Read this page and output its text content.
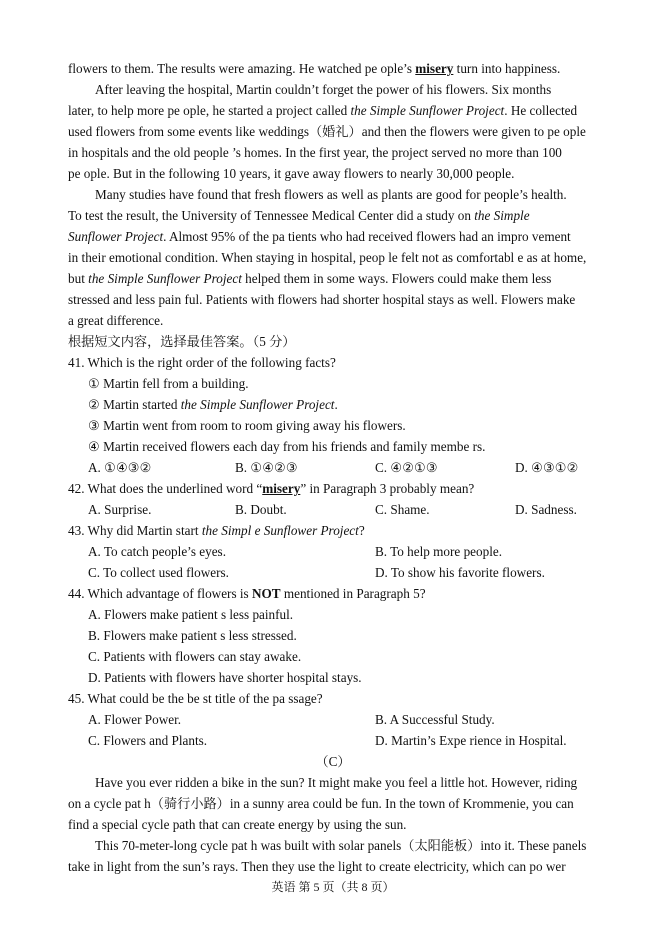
flowers to them. The results were amazing. He watched pe ople’s misery turn into happiness.
After leaving the hospital, Martin couldn’t forget the power of his flowers. Six months
later, to help more pe ople, he started a project called the Simple Sunflower Project. He collected
used flowers from some events like weddings（婚礼）and then the flowers were given to pe ople
in hospitals and the old people ’s homes. In the first year, the project served no more than 100
pe ople. But in the following 10 years, it gave away flowers to nearly 30,000 people.
Many studies have found that fresh flowers as well as plants are good for people’s health.
To test the result, the University of Tennessee Medical Center did a study on the Simple
Sunflower Project. Almost 95% of the pa tients who had received flowers had an impro vement
in their emotional condition. When staying in hospital, peop le felt not as comfortabl e as at home,
but the Simple Sunflower Project helped them in some ways. Flowers could make them less
stressed and less pain ful. Patients with flowers had shorter hospital stays as well. Flowers make
a great difference.
根据短文内容，选择最佳答案。（5 分）
41. Which is the right order of the following facts?
① Martin fell from a building.
② Martin started the Simple Sunflower Project.
③ Martin went from room to room giving away his flowers.
④ Martin received flowers each day from his friends and family membe rs.
A. ①④③②	B. ①④②③	C. ④②①③	D. ④③①②
42. What does the underlined word “misery” in Paragraph 3 probably mean?
A. Surprise.	B. Doubt.	C. Shame.	D. Sadness.
43. Why did Martin start the Simpl e Sunflower Project?
A. To catch people’s eyes.	B. To help more people.
C. To collect used flowers.	D. To show his favorite flowers.
44. Which advantage of flowers is NOT mentioned in Paragraph 5?
A. Flowers make patient s less painful.
B. Flowers make patient s less stressed.
C. Patients with flowers can stay awake.
D. Patients with flowers have shorter hospital stays.
45. What could be the be st title of the pa ssage?
A. Flower Power.	B. A Successful Study.
C. Flowers and Plants.	D. Martin’s Expe rience in Hospital.
（C）
Have you ever ridden a bike in the sun? It might make you feel a little hot. However, riding
on a cycle pat h（骑行小路）in a sunny area could be fun. In the town of Krommenie, you can
find a special cycle path that can create energy by using the sun.
This 70-meter-long cycle pat h was built with solar panels（太阳能板）into it. These panels
take in light from the sun’s rays. Then they use the light to create electricity, which can po wer
英语 第 5 页（共 8 页）
